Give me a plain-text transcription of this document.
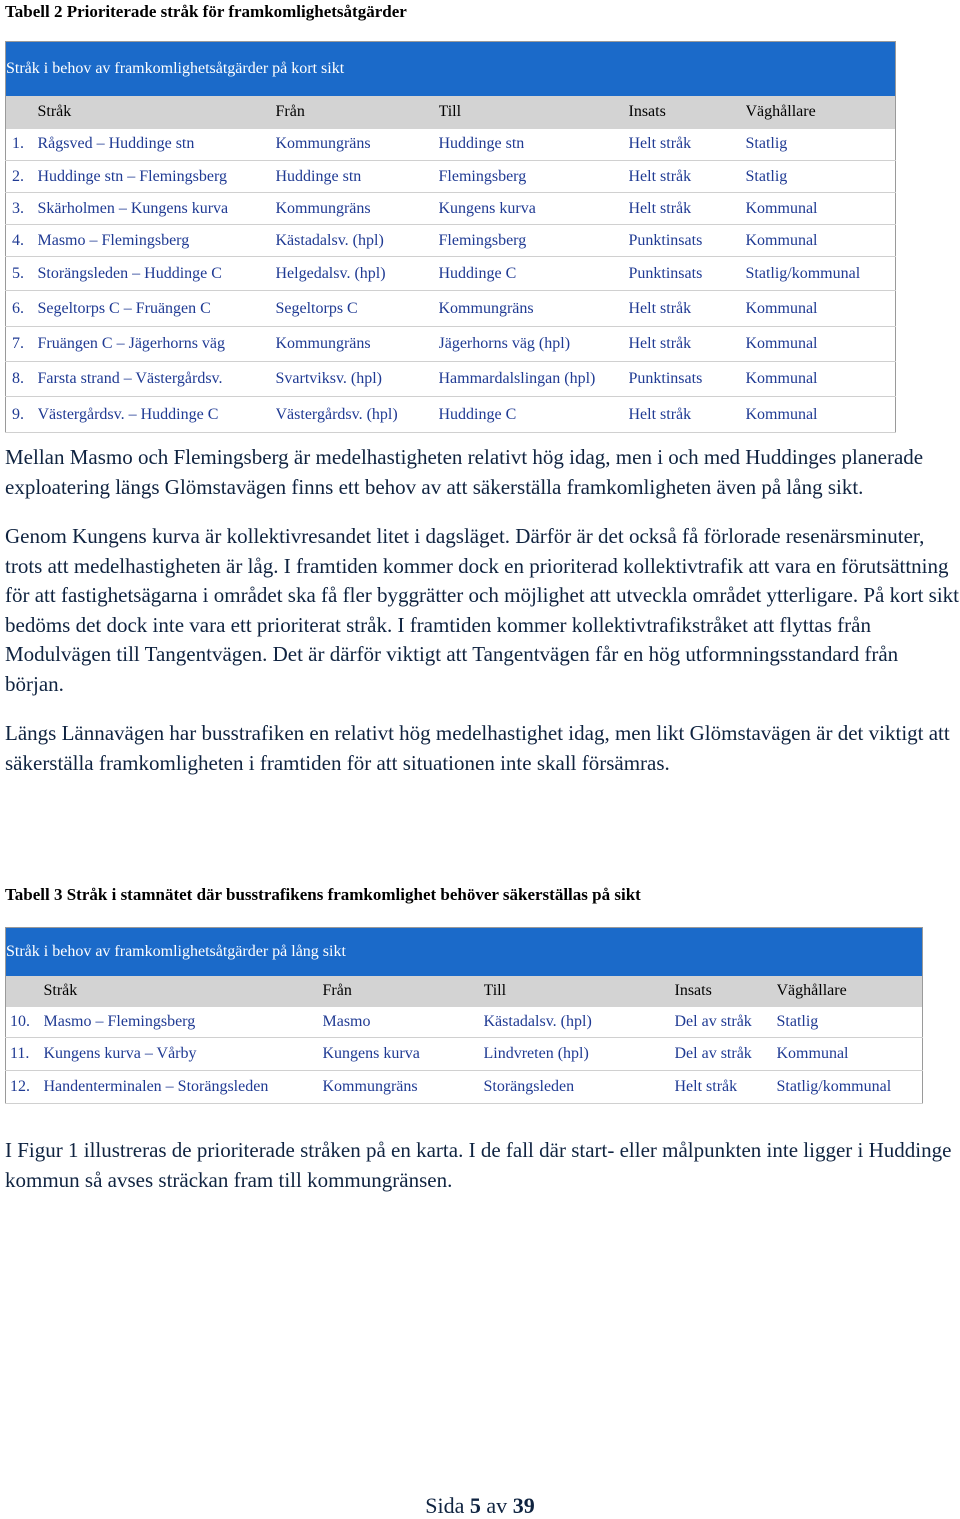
Tabell 2 Prioriterade stråk för framkomlighetsåtgärder
Stråk i behov av framkomlighetsåtgärder på kort sikt					
	Stråk	Från	Till	Insats	Väghållare
1.	Rågsved – Huddinge stn	Kommungräns	Huddinge stn	Helt stråk	Statlig
2.	Huddinge stn – Flemingsberg	Huddinge stn	Flemingsberg	Helt stråk	Statlig
3.	Skärholmen – Kungens kurva	Kommungräns	Kungens kurva	Helt stråk	Kommunal
4.	Masmo – Flemingsberg	Kästadalsv. (hpl)	Flemingsberg	Punktinsats	Kommunal
5.	Storängsleden – Huddinge C	Helgedalsv. (hpl)	Huddinge C	Punktinsats	Statlig/kommunal
6.	Segeltorps C – Fruängen C	Segeltorps C	Kommungräns	Helt stråk	Kommunal
7.	Fruängen C – Jägerhorns väg	Kommungräns	Jägerhorns väg (hpl)	Helt stråk	Kommunal
8.	Farsta strand – Västergårdsv.	Svartviksv. (hpl)	Hammardalslingan (hpl)	Punktinsats	Kommunal
9.	Västergårdsv. – Huddinge C	Västergårdsv. (hpl)	Huddinge C	Helt stråk	Kommunal

Mellan Masmo och Flemingsberg är medelhastigheten relativt hög idag, men i och med Huddinges planerade exploatering längs Glömstavägen finns ett behov av att säkerställa framkomligheten även på lång sikt.

Genom Kungens kurva är kollektivresandet litet i dagsläget. Därför är det också få förlorade resenärsminuter, trots att medelhastigheten är låg. I framtiden kommer dock en prioriterad kollektivtrafik att vara en förutsättning för att fastighetsägarna i området ska få fler byggrätter och möjlighet att utveckla området ytterligare. På kort sikt bedöms det dock inte vara ett prioriterat stråk. I framtiden kommer kollektivtrafikstråket att flyttas från Modulvägen till Tangentvägen. Det är därför viktigt att Tangentvägen får en hög utformningsstandard från början.

Längs Lännavägen har busstrafiken en relativt hög medelhastighet idag, men likt Glömstavägen är det viktigt att säkerställa framkomligheten i framtiden för att situationen inte skall försämras.

Tabell 3 Stråk i stamnätet där busstrafikens framkomlighet behöver säkerställas på sikt
Stråk i behov av framkomlighetsåtgärder på lång sikt					
	Stråk	Från	Till	Insats	Väghållare
10.	Masmo – Flemingsberg	Masmo	Kästadalsv. (hpl)	Del av stråk	Statlig
11.	Kungens kurva – Vårby	Kungens kurva	Lindvreten (hpl)	Del av stråk	Kommunal
12.	Handenterminalen – Storängsleden	Kommungräns	Storängsleden	Helt stråk	Statlig/kommunal

I Figur 1 illustreras de prioriterade stråken på en karta. I de fall där start- eller målpunkten inte ligger i Huddinge kommun så avses sträckan fram till kommungränsen.

Sida 5 av 39
